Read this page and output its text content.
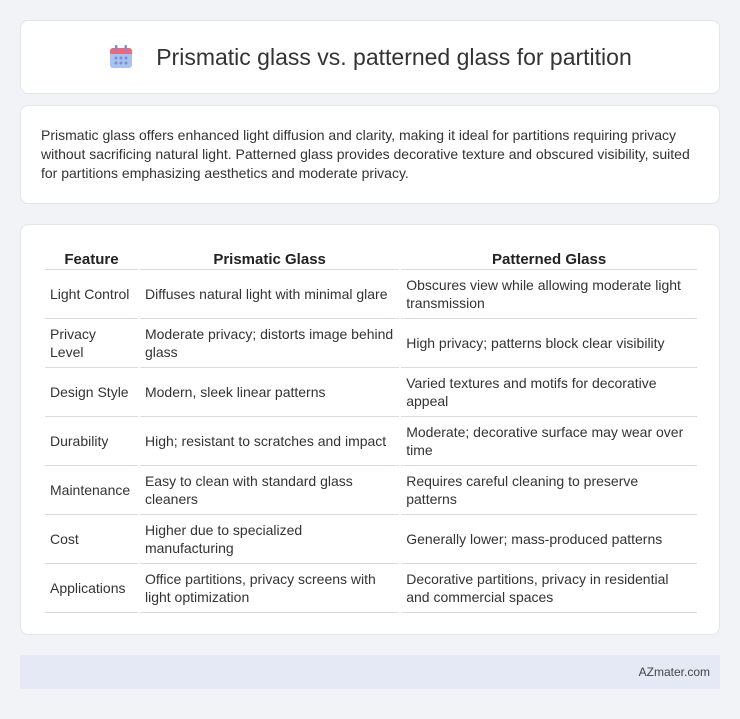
Prismatic glass vs. patterned glass for partition

Prismatic glass offers enhanced light diffusion and clarity, making it ideal for partitions requiring privacy without sacrificing natural light. Patterned glass provides decorative texture and obscured visibility, suited for partitions emphasizing aesthetics and moderate privacy.

Feature	Prismatic Glass	Patterned Glass
Light Control	Diffuses natural light with minimal glare	Obscures view while allowing moderate light transmission
Privacy Level	Moderate privacy; distorts image behind glass	High privacy; patterns block clear visibility
Design Style	Modern, sleek linear patterns	Varied textures and motifs for decorative appeal
Durability	High; resistant to scratches and impact	Moderate; decorative surface may wear over time
Maintenance	Easy to clean with standard glass cleaners	Requires careful cleaning to preserve patterns
Cost	Higher due to specialized manufacturing	Generally lower; mass-produced patterns
Applications	Office partitions, privacy screens with light optimization	Decorative partitions, privacy in residential and commercial spaces
AZmater.com
